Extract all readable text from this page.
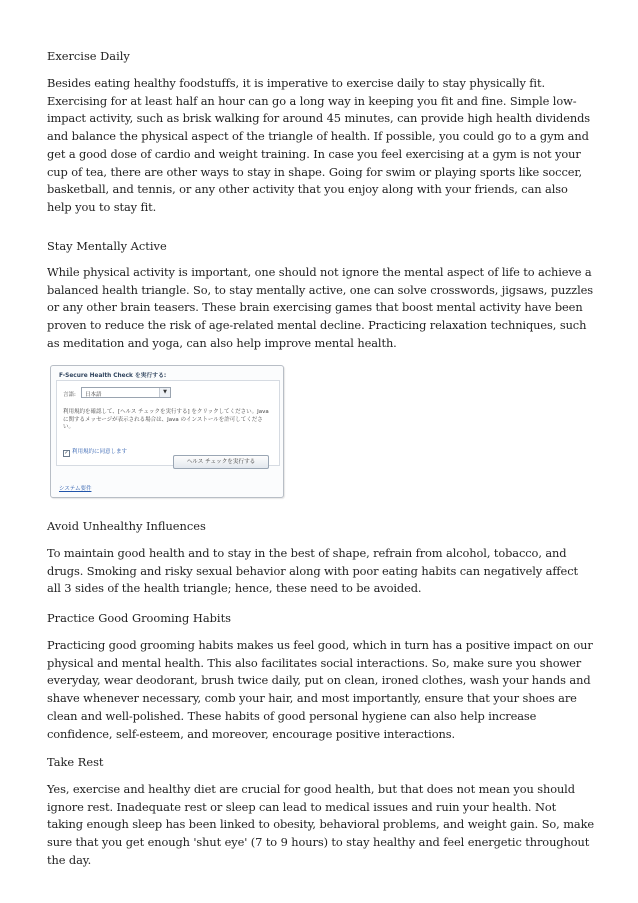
Exercise Daily

Besides eating healthy foodstuffs, it is imperative to exercise daily to stay physically fit. Exercising for at least half an hour can go a long way in keeping you fit and fine. Simple low-impact activity, such as brisk walking for around 45 minutes, can provide high health dividends and balance the physical aspect of the triangle of health. If possible, you could go to a gym and get a good dose of cardio and weight training. In case you feel exercising at a gym is not your cup of tea, there are other ways to stay in shape. Going for swim or playing sports like soccer, basketball, and tennis, or any other activity that you enjoy along with your friends, can also help you to stay fit.

Stay Mentally Active

While physical activity is important, one should not ignore the mental aspect of life to achieve a balanced health triangle. So, to stay mentally active, one can solve crosswords, jigsaws, puzzles or any other brain teasers. These brain exercising games that boost mental activity have been proven to reduce the risk of age-related mental decline. Practicing relaxation techniques, such as meditation and yoga, can also help improve mental health.

F-Secure Health Check を実行する:
言語: 日本語	▼
利用規約を確認して、[ヘルス チェックを実行する] をクリックしてください。Java に関するメッセージが表示される場合は、Java のインストールを許可してください。
✓ 利用規約に同意します
ヘルス チェックを実行する
システム要件

Avoid Unhealthy Influences

To maintain good health and to stay in the best of shape, refrain from alcohol, tobacco, and drugs. Smoking and risky sexual behavior along with poor eating habits can negatively affect all 3 sides of the health triangle; hence, these need to be avoided.

Practice Good Grooming Habits

Practicing good grooming habits makes us feel good, which in turn has a positive impact on our physical and mental health. This also facilitates social interactions. So, make sure you shower everyday, wear deodorant, brush twice daily, put on clean, ironed clothes, wash your hands and shave whenever necessary, comb your hair, and most importantly, ensure that your shoes are clean and well-polished. These habits of good personal hygiene can also help increase confidence, self-esteem, and moreover, encourage positive interactions.

Take Rest

Yes, exercise and healthy diet are crucial for good health, but that does not mean you should ignore rest. Inadequate rest or sleep can lead to medical issues and ruin your health. Not taking enough sleep has been linked to obesity, behavioral problems, and weight gain. So, make sure that you get enough 'shut eye' (7 to 9 hours) to stay healthy and feel energetic throughout the day.
